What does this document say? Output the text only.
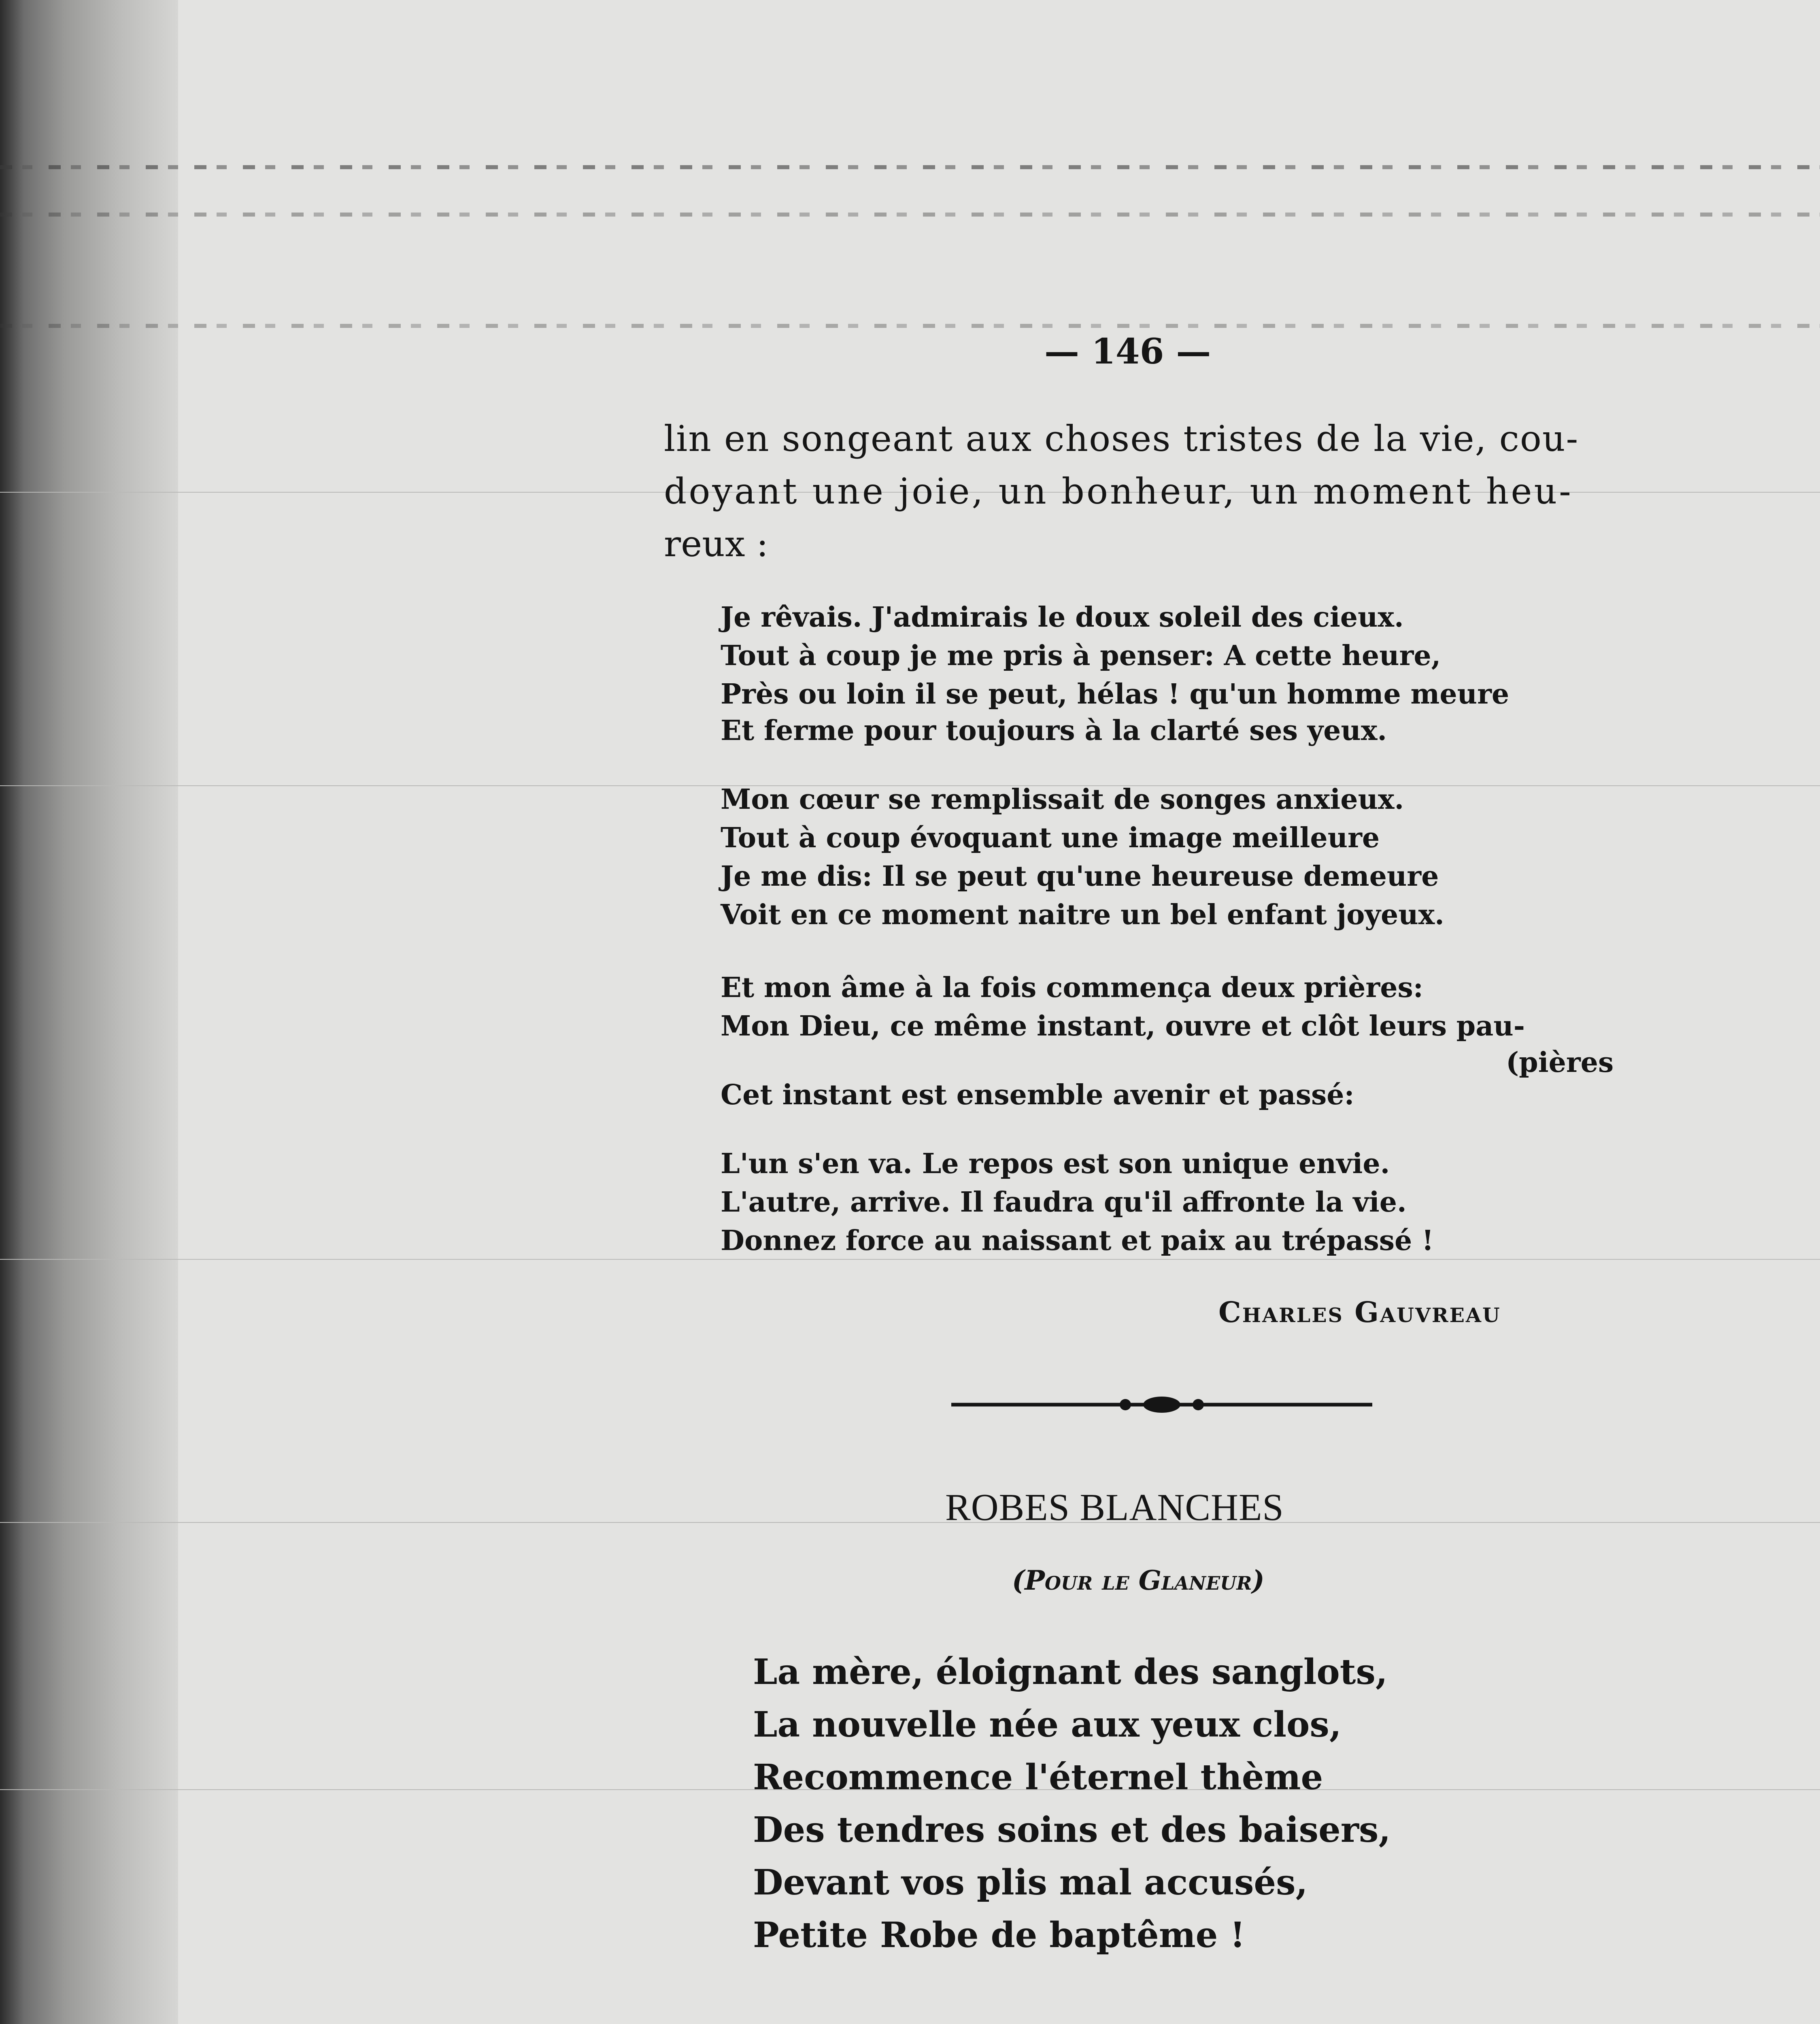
— 146 —
lin en songeant aux choses tristes de la vie, cou-
doyant une joie, un bonheur, un moment heu-
reux :
Je rêvais. J'admirais le doux soleil des cieux.
Tout à coup je me pris à penser: A cette heure,
Près ou loin il se peut, hélas ! qu'un homme meure
Et ferme pour toujours à la clarté ses yeux.
Mon cœur se remplissait de songes anxieux.
Tout à coup évoquant une image meilleure
Je me dis: Il se peut qu'une heureuse demeure
Voit en ce moment naitre un bel enfant joyeux.
Et mon âme à la fois commença deux prières:
Mon Dieu, ce même instant, ouvre et clôt leurs pau-
(pières
Cet instant est ensemble avenir et passé:
L'un s'en va. Le repos est son unique envie.
L'autre, arrive. Il faudra qu'il affronte la vie.
Donnez force au naissant et paix au trépassé !
Charles Gauvreau
ROBES BLANCHES
(Pour le Glaneur)
La mère, éloignant des sanglots,
La nouvelle née aux yeux clos,
Recommence l'éternel thème
Des tendres soins et des baisers,
Devant vos plis mal accusés,
Petite Robe de baptême !
